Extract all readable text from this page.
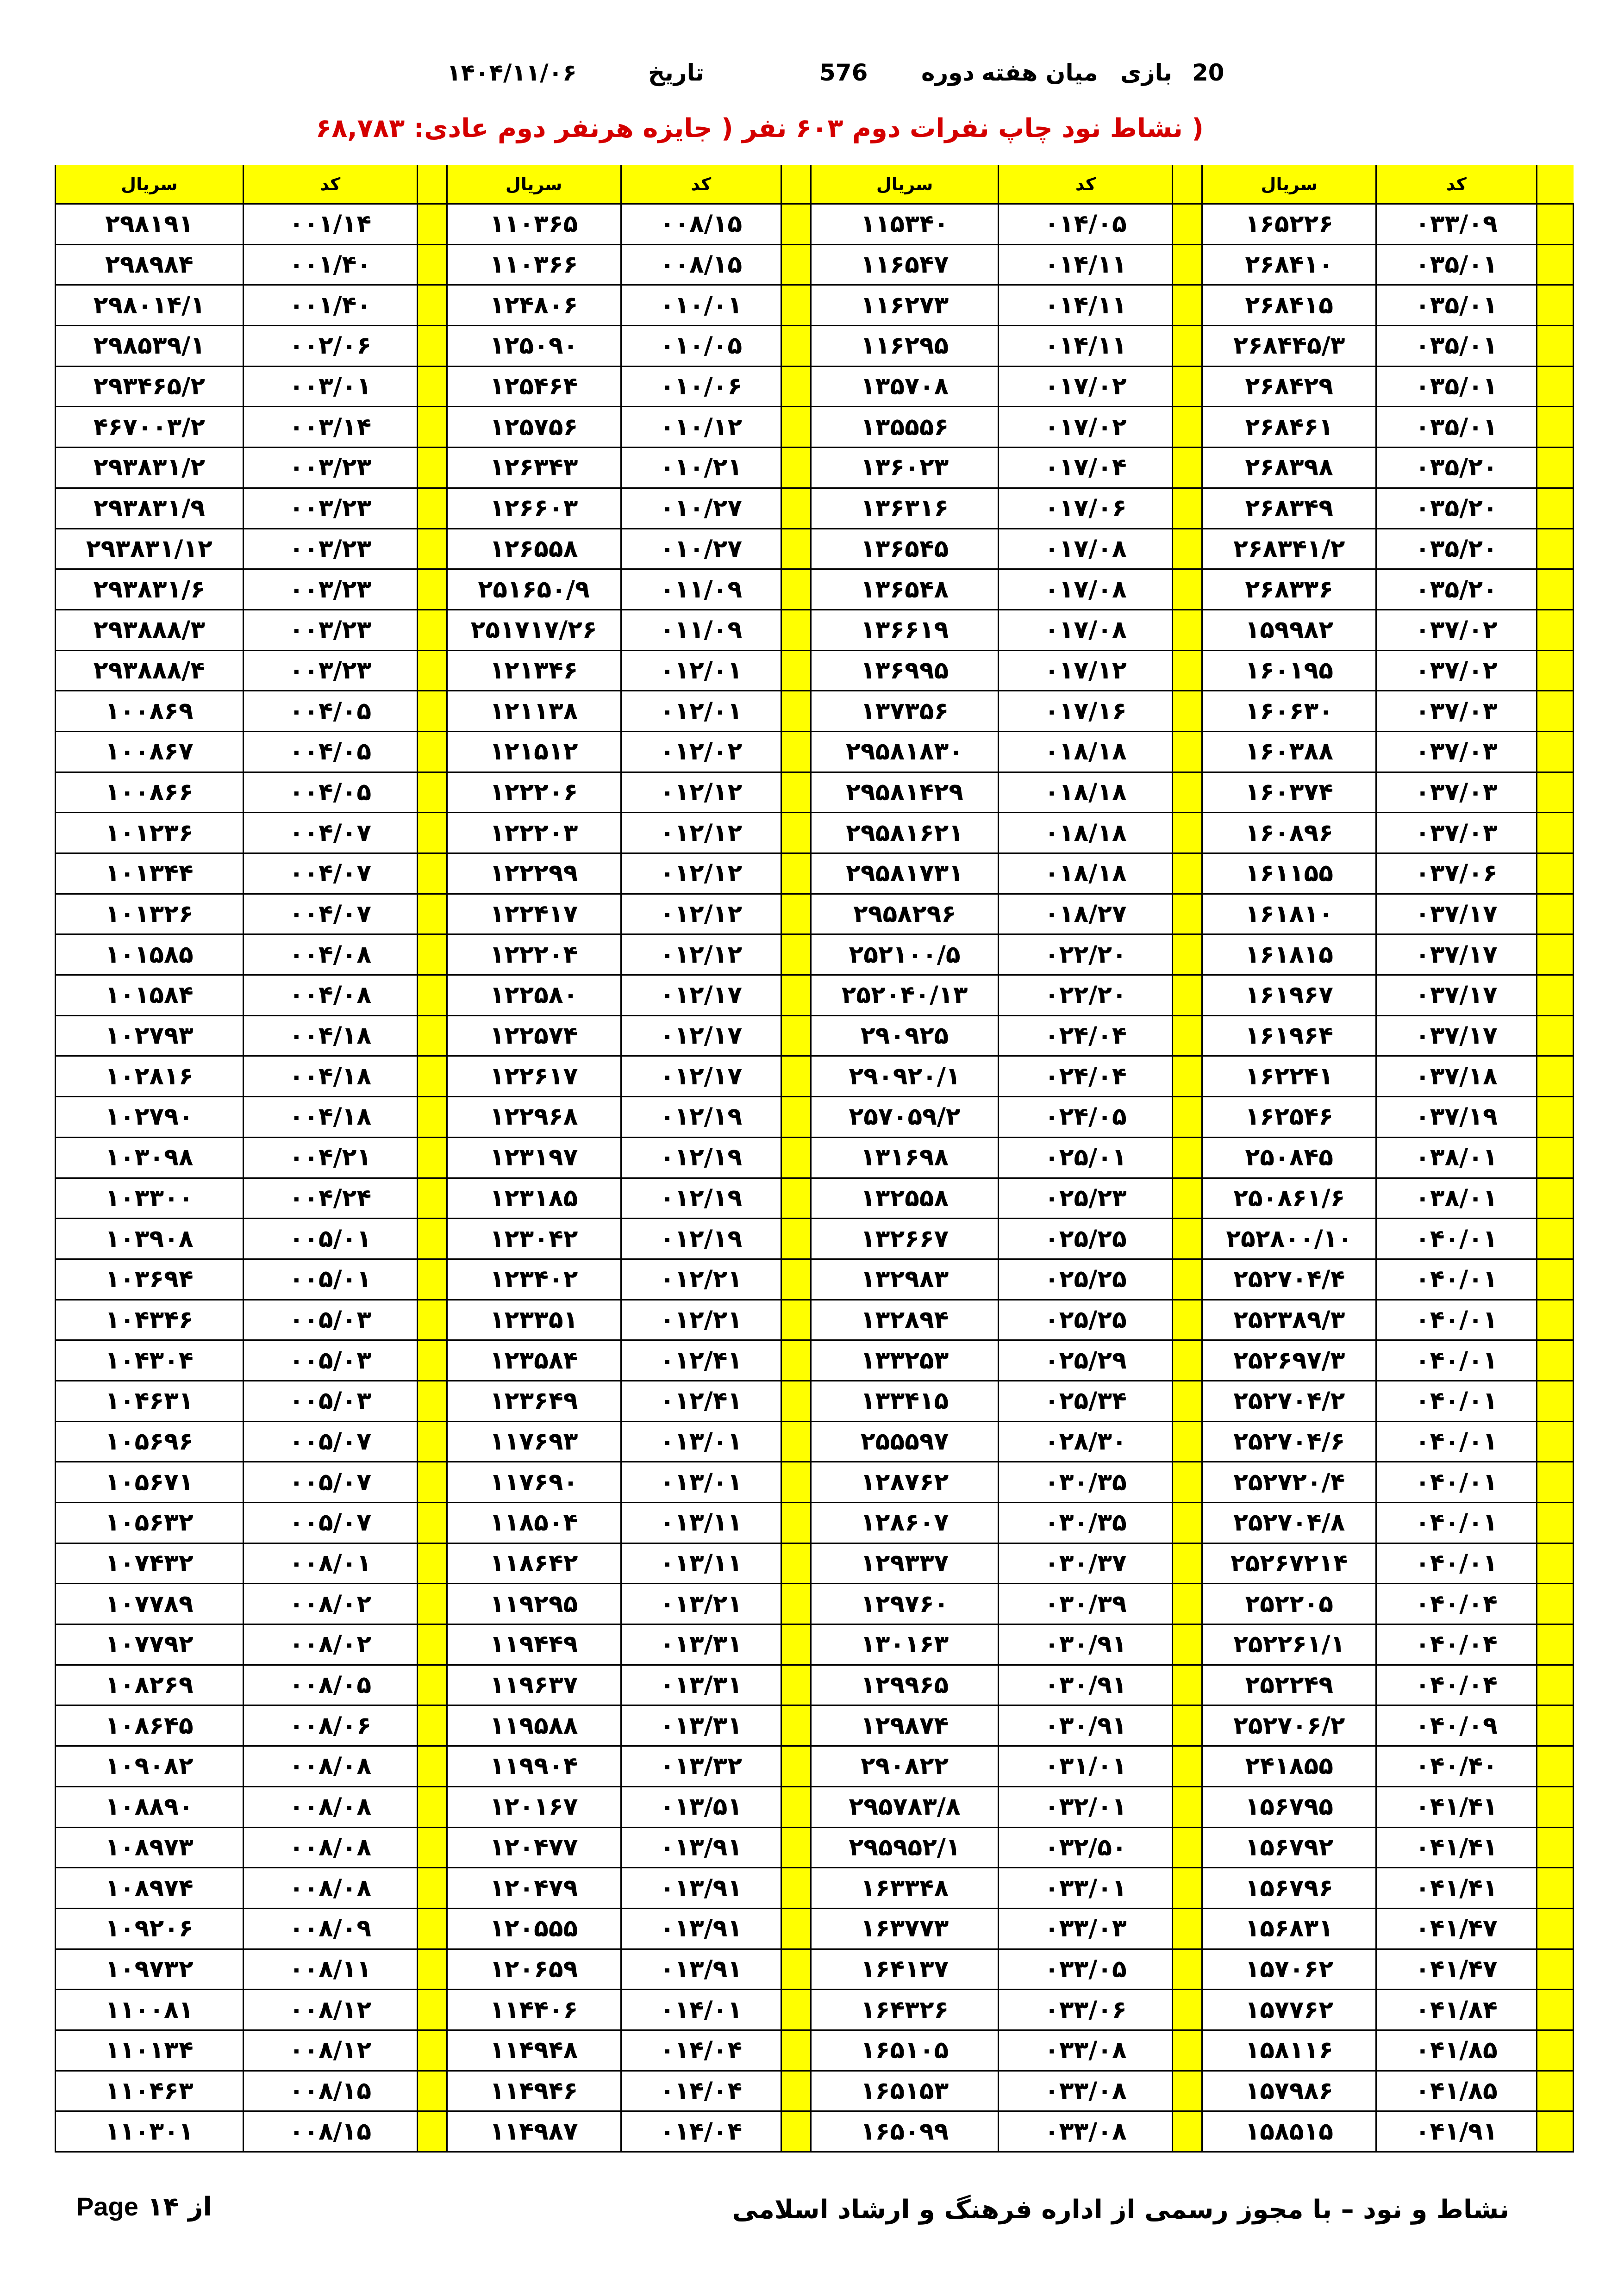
20
بازی
میان هفته
دوره
576
تاریخ
۱۴۰۴/۱۱/۰۶
( نشاط نود چاپ نفرات دوم ۶۰۳ نفر ( جایزه هرنفر دوم عادی: ۶۸,۷۸۳
	کد	سریال		کد	سریال		کد	سریال		کد	سریال
	۰۳۳/۰۹	۱۶۵۲۲۶		۰۱۴/۰۵	۱۱۵۳۴۰		۰۰۸/۱۵	۱۱۰۳۶۵		۰۰۱/۱۴	۲۹۸۱۹۱
	۰۳۵/۰۱	۲۶۸۴۱۰		۰۱۴/۱۱	۱۱۶۵۴۷		۰۰۸/۱۵	۱۱۰۳۶۶		۰۰۱/۴۰	۲۹۸۹۸۴
	۰۳۵/۰۱	۲۶۸۴۱۵		۰۱۴/۱۱	۱۱۶۲۷۳		۰۱۰/۰۱	۱۲۴۸۰۶		۰۰۱/۴۰	۲۹۸۰۱۴/۱
	۰۳۵/۰۱	۲۶۸۴۴۵/۳		۰۱۴/۱۱	۱۱۶۲۹۵		۰۱۰/۰۵	۱۲۵۰۹۰		۰۰۲/۰۶	۲۹۸۵۳۹/۱
	۰۳۵/۰۱	۲۶۸۴۲۹		۰۱۷/۰۲	۱۳۵۷۰۸		۰۱۰/۰۶	۱۲۵۴۶۴		۰۰۳/۰۱	۲۹۳۴۶۵/۲
	۰۳۵/۰۱	۲۶۸۴۶۱		۰۱۷/۰۲	۱۳۵۵۵۶		۰۱۰/۱۲	۱۲۵۷۵۶		۰۰۳/۱۴	۴۶۷۰۰۳/۲
	۰۳۵/۲۰	۲۶۸۳۹۸		۰۱۷/۰۴	۱۳۶۰۲۳		۰۱۰/۲۱	۱۲۶۳۴۳		۰۰۳/۲۳	۲۹۳۸۳۱/۲
	۰۳۵/۲۰	۲۶۸۳۴۹		۰۱۷/۰۶	۱۳۶۳۱۶		۰۱۰/۲۷	۱۲۶۶۰۳		۰۰۳/۲۳	۲۹۳۸۳۱/۹
	۰۳۵/۲۰	۲۶۸۳۴۱/۲		۰۱۷/۰۸	۱۳۶۵۴۵		۰۱۰/۲۷	۱۲۶۵۵۸		۰۰۳/۲۳	۲۹۳۸۳۱/۱۲
	۰۳۵/۲۰	۲۶۸۳۳۶		۰۱۷/۰۸	۱۳۶۵۴۸		۰۱۱/۰۹	۲۵۱۶۵۰/۹		۰۰۳/۲۳	۲۹۳۸۳۱/۶
	۰۳۷/۰۲	۱۵۹۹۸۲		۰۱۷/۰۸	۱۳۶۶۱۹		۰۱۱/۰۹	۲۵۱۷۱۷/۲۶		۰۰۳/۲۳	۲۹۳۸۸۸/۳
	۰۳۷/۰۲	۱۶۰۱۹۵		۰۱۷/۱۲	۱۳۶۹۹۵		۰۱۲/۰۱	۱۲۱۳۴۶		۰۰۳/۲۳	۲۹۳۸۸۸/۴
	۰۳۷/۰۳	۱۶۰۶۳۰		۰۱۷/۱۶	۱۳۷۳۵۶		۰۱۲/۰۱	۱۲۱۱۳۸		۰۰۴/۰۵	۱۰۰۸۶۹
	۰۳۷/۰۳	۱۶۰۳۸۸		۰۱۸/۱۸	۲۹۵۸۱۸۳۰		۰۱۲/۰۲	۱۲۱۵۱۲		۰۰۴/۰۵	۱۰۰۸۶۷
	۰۳۷/۰۳	۱۶۰۳۷۴		۰۱۸/۱۸	۲۹۵۸۱۴۲۹		۰۱۲/۱۲	۱۲۲۲۰۶		۰۰۴/۰۵	۱۰۰۸۶۶
	۰۳۷/۰۳	۱۶۰۸۹۶		۰۱۸/۱۸	۲۹۵۸۱۶۲۱		۰۱۲/۱۲	۱۲۲۲۰۳		۰۰۴/۰۷	۱۰۱۲۳۶
	۰۳۷/۰۶	۱۶۱۱۵۵		۰۱۸/۱۸	۲۹۵۸۱۷۳۱		۰۱۲/۱۲	۱۲۲۲۹۹		۰۰۴/۰۷	۱۰۱۳۴۴
	۰۳۷/۱۷	۱۶۱۸۱۰		۰۱۸/۲۷	۲۹۵۸۲۹۶		۰۱۲/۱۲	۱۲۲۴۱۷		۰۰۴/۰۷	۱۰۱۳۲۶
	۰۳۷/۱۷	۱۶۱۸۱۵		۰۲۲/۲۰	۲۵۲۱۰۰/۵		۰۱۲/۱۲	۱۲۲۲۰۴		۰۰۴/۰۸	۱۰۱۵۸۵
	۰۳۷/۱۷	۱۶۱۹۶۷		۰۲۲/۲۰	۲۵۲۰۴۰/۱۳		۰۱۲/۱۷	۱۲۲۵۸۰		۰۰۴/۰۸	۱۰۱۵۸۴
	۰۳۷/۱۷	۱۶۱۹۶۴		۰۲۴/۰۴	۲۹۰۹۲۵		۰۱۲/۱۷	۱۲۲۵۷۴		۰۰۴/۱۸	۱۰۲۷۹۳
	۰۳۷/۱۸	۱۶۲۲۴۱		۰۲۴/۰۴	۲۹۰۹۲۰/۱		۰۱۲/۱۷	۱۲۲۶۱۷		۰۰۴/۱۸	۱۰۲۸۱۶
	۰۳۷/۱۹	۱۶۲۵۴۶		۰۲۴/۰۵	۲۵۷۰۵۹/۲		۰۱۲/۱۹	۱۲۲۹۶۸		۰۰۴/۱۸	۱۰۲۷۹۰
	۰۳۸/۰۱	۲۵۰۸۴۵		۰۲۵/۰۱	۱۳۱۶۹۸		۰۱۲/۱۹	۱۲۳۱۹۷		۰۰۴/۲۱	۱۰۳۰۹۸
	۰۳۸/۰۱	۲۵۰۸۶۱/۶		۰۲۵/۲۳	۱۳۲۵۵۸		۰۱۲/۱۹	۱۲۳۱۸۵		۰۰۴/۲۴	۱۰۳۳۰۰
	۰۴۰/۰۱	۲۵۲۸۰۰/۱۰		۰۲۵/۲۵	۱۳۲۶۶۷		۰۱۲/۱۹	۱۲۳۰۴۲		۰۰۵/۰۱	۱۰۳۹۰۸
	۰۴۰/۰۱	۲۵۲۷۰۴/۴		۰۲۵/۲۵	۱۳۲۹۸۳		۰۱۲/۲۱	۱۲۳۴۰۲		۰۰۵/۰۱	۱۰۳۶۹۴
	۰۴۰/۰۱	۲۵۲۳۸۹/۳		۰۲۵/۲۵	۱۳۲۸۹۴		۰۱۲/۲۱	۱۲۳۳۵۱		۰۰۵/۰۳	۱۰۴۳۴۶
	۰۴۰/۰۱	۲۵۲۶۹۷/۳		۰۲۵/۲۹	۱۳۳۲۵۳		۰۱۲/۴۱	۱۲۳۵۸۴		۰۰۵/۰۳	۱۰۴۳۰۴
	۰۴۰/۰۱	۲۵۲۷۰۴/۲		۰۲۵/۳۴	۱۳۳۴۱۵		۰۱۲/۴۱	۱۲۳۶۴۹		۰۰۵/۰۳	۱۰۴۶۳۱
	۰۴۰/۰۱	۲۵۲۷۰۴/۶		۰۲۸/۳۰	۲۵۵۵۹۷		۰۱۳/۰۱	۱۱۷۶۹۳		۰۰۵/۰۷	۱۰۵۶۹۶
	۰۴۰/۰۱	۲۵۲۷۲۰/۴		۰۳۰/۳۵	۱۲۸۷۶۲		۰۱۳/۰۱	۱۱۷۶۹۰		۰۰۵/۰۷	۱۰۵۶۷۱
	۰۴۰/۰۱	۲۵۲۷۰۴/۸		۰۳۰/۳۵	۱۲۸۶۰۷		۰۱۳/۱۱	۱۱۸۵۰۴		۰۰۵/۰۷	۱۰۵۶۳۲
	۰۴۰/۰۱	۲۵۲۶۷۲۱۴		۰۳۰/۳۷	۱۲۹۳۳۷		۰۱۳/۱۱	۱۱۸۶۴۲		۰۰۸/۰۱	۱۰۷۴۳۲
	۰۴۰/۰۴	۲۵۲۲۰۵		۰۳۰/۳۹	۱۲۹۷۶۰		۰۱۳/۲۱	۱۱۹۲۹۵		۰۰۸/۰۲	۱۰۷۷۸۹
	۰۴۰/۰۴	۲۵۲۲۶۱/۱		۰۳۰/۹۱	۱۳۰۱۶۳		۰۱۳/۳۱	۱۱۹۴۴۹		۰۰۸/۰۲	۱۰۷۷۹۲
	۰۴۰/۰۴	۲۵۲۲۴۹		۰۳۰/۹۱	۱۲۹۹۶۵		۰۱۳/۳۱	۱۱۹۶۳۷		۰۰۸/۰۵	۱۰۸۲۶۹
	۰۴۰/۰۹	۲۵۲۷۰۶/۲		۰۳۰/۹۱	۱۲۹۸۷۴		۰۱۳/۳۱	۱۱۹۵۸۸		۰۰۸/۰۶	۱۰۸۶۴۵
	۰۴۰/۴۰	۲۴۱۸۵۵		۰۳۱/۰۱	۲۹۰۸۲۲		۰۱۳/۳۲	۱۱۹۹۰۴		۰۰۸/۰۸	۱۰۹۰۸۲
	۰۴۱/۴۱	۱۵۶۷۹۵		۰۳۲/۰۱	۲۹۵۷۸۳/۸		۰۱۳/۵۱	۱۲۰۱۶۷		۰۰۸/۰۸	۱۰۸۸۹۰
	۰۴۱/۴۱	۱۵۶۷۹۲		۰۳۲/۵۰	۲۹۵۹۵۲/۱		۰۱۳/۹۱	۱۲۰۴۷۷		۰۰۸/۰۸	۱۰۸۹۷۳
	۰۴۱/۴۱	۱۵۶۷۹۶		۰۳۳/۰۱	۱۶۳۳۴۸		۰۱۳/۹۱	۱۲۰۴۷۹		۰۰۸/۰۸	۱۰۸۹۷۴
	۰۴۱/۴۷	۱۵۶۸۳۱		۰۳۳/۰۳	۱۶۳۷۷۳		۰۱۳/۹۱	۱۲۰۵۵۵		۰۰۸/۰۹	۱۰۹۲۰۶
	۰۴۱/۴۷	۱۵۷۰۶۲		۰۳۳/۰۵	۱۶۴۱۳۷		۰۱۳/۹۱	۱۲۰۶۵۹		۰۰۸/۱۱	۱۰۹۷۳۲
	۰۴۱/۸۴	۱۵۷۷۶۲		۰۳۳/۰۶	۱۶۴۳۲۶		۰۱۴/۰۱	۱۱۴۴۰۶		۰۰۸/۱۲	۱۱۰۰۸۱
	۰۴۱/۸۵	۱۵۸۱۱۶		۰۳۳/۰۸	۱۶۵۱۰۵		۰۱۴/۰۴	۱۱۴۹۴۸		۰۰۸/۱۲	۱۱۰۱۳۴
	۰۴۱/۸۵	۱۵۷۹۸۶		۰۳۳/۰۸	۱۶۵۱۵۳		۰۱۴/۰۴	۱۱۴۹۴۶		۰۰۸/۱۵	۱۱۰۴۶۳
	۰۴۱/۹۱	۱۵۸۵۱۵		۰۳۳/۰۸	۱۶۵۰۹۹		۰۱۴/۰۴	۱۱۴۹۸۷		۰۰۸/۱۵	۱۱۰۳۰۱
از ۱۴ Page	نشاط و نود – با مجوز رسمی از اداره فرهنگ و ارشاد اسلامی
